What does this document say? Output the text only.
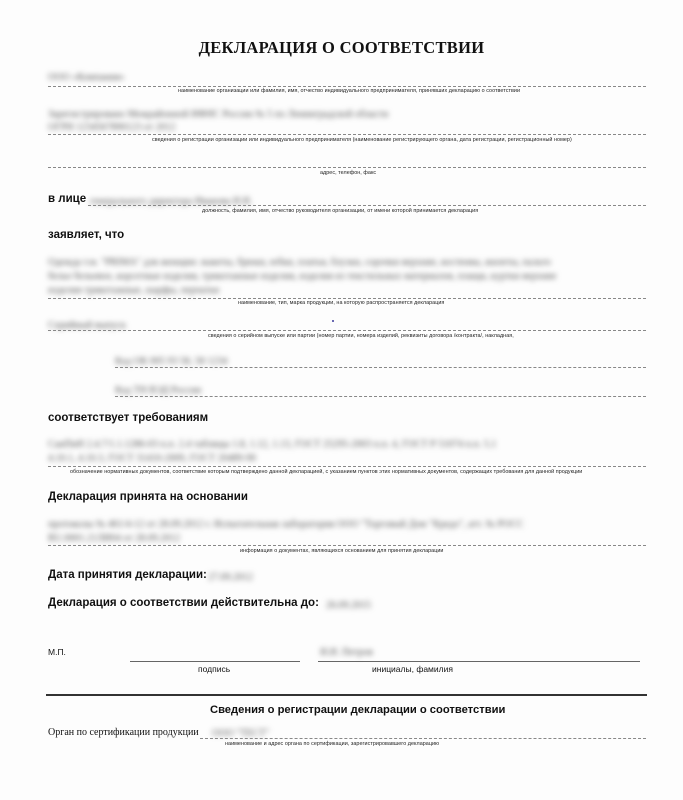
ДЕКЛАРАЦИЯ О СООТВЕТСТВИИ
ООО «Компания»
наименование организации или фамилия, имя, отчество индивидуального предпринимателя, принявших декларацию о соответствии
Зарегистрировано Межрайонной ИФНС России № 5 по Ленинградской области
ОГРН 1234567890123 от 2012
сведения о регистрации организации или индивидуального предпринимателя (наименование регистрирующего органа, дата регистрации, регистрационный номер)
адрес, телефон, факс
в лице генерального директора Иванова И.И.
должность, фамилия, имя, отчество руководителя организации, от имени которой принимается декларация
заявляет, что
Одежда т.м. "PRIMA" для женщин: жакеты, брюки, юбки, платья, блузки, сорочки верхние, костюмы, жилеты, пальто
белье бельевое, корсетные изделия, трикотажные изделия, изделия из текстильных материалов, плащи, куртки верхние
изделия трикотажные, шарфы, перчатки
наименование, тип, марка продукции, на которую распространяется декларация
Серийный выпуск
сведения о серийном выпуске или партии (номер партии, номера изделий, реквизиты договора /контракта/, накладная,
Код ОК 005 93 58, 58 1234
Код ТН ВЭД России
соответствует требованиям
СанПиН 2.4.7/1.1.1286-03 п.п. 2.4 таблицы 1.8, 1.12, 1.13, ГОСТ 25295-2003 п.п. 4, ГОСТ Р 51074 п.п. 5.1
4.10.1, 4.10.3, ГОСТ 31410-2009, ГОСТ 20489-90
обозначение нормативных документов, соответствие которым подтверждено данной декларацией, с указанием пунктов этих нормативных документов, содержащих требования для данной продукции
Декларация принята на основании
протоколы № 461/4-12 от 28.09.2012 г. Испытательная лаборатория ООО "Торговый Дом "Кредо", атт. № РОСС
RU.0001.21ЛИ04 от 28.09.2012
информация о документах, являющихся основанием для принятия декларации
Дата принятия декларации: 27.09.2012
Декларация о соответствии действительна до: 26.09.2015
М.П.
подпись
И.И. Петров
инициалы, фамилия
Сведения о регистрации декларации о соответствии
Орган по сертификации продукции ООО "ТЕСТ"
наименование и адрес органа по сертификации, зарегистрировавшего декларацию
